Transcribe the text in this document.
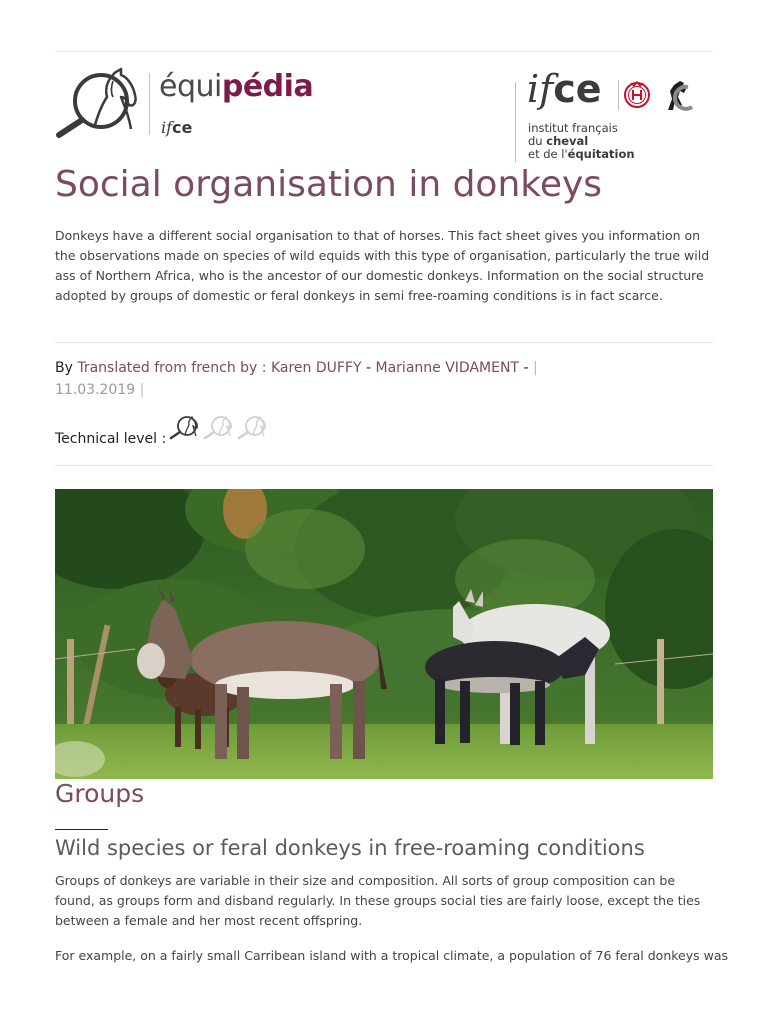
équipédia
ifce
ifce
institut français
du cheval
et de l'équitation
Social organisation in donkeys

Donkeys have a different social organisation to that of horses. This fact sheet gives you information on the observations made on species of wild equids with this type of organisation, particularly the true wild ass of Northern Africa, who is the ancestor of our domestic donkeys. Information on the social structure adopted by groups of domestic or feral donkeys in semi free-roaming conditions is in fact scarce.

By Translated from french by : Karen DUFFY - Marianne VIDAMENT - |
11.03.2019 |
Technical level :
Groups
Wild species or feral donkeys in free-roaming conditions

Groups of donkeys are variable in their size and composition. All sorts of group composition can be found, as groups form and disband regularly. In these groups social ties are fairly loose, except the ties between a female and her most recent offspring.

For example, on a fairly small Carribean island with a tropical climate, a population of 76 feral donkeys was
